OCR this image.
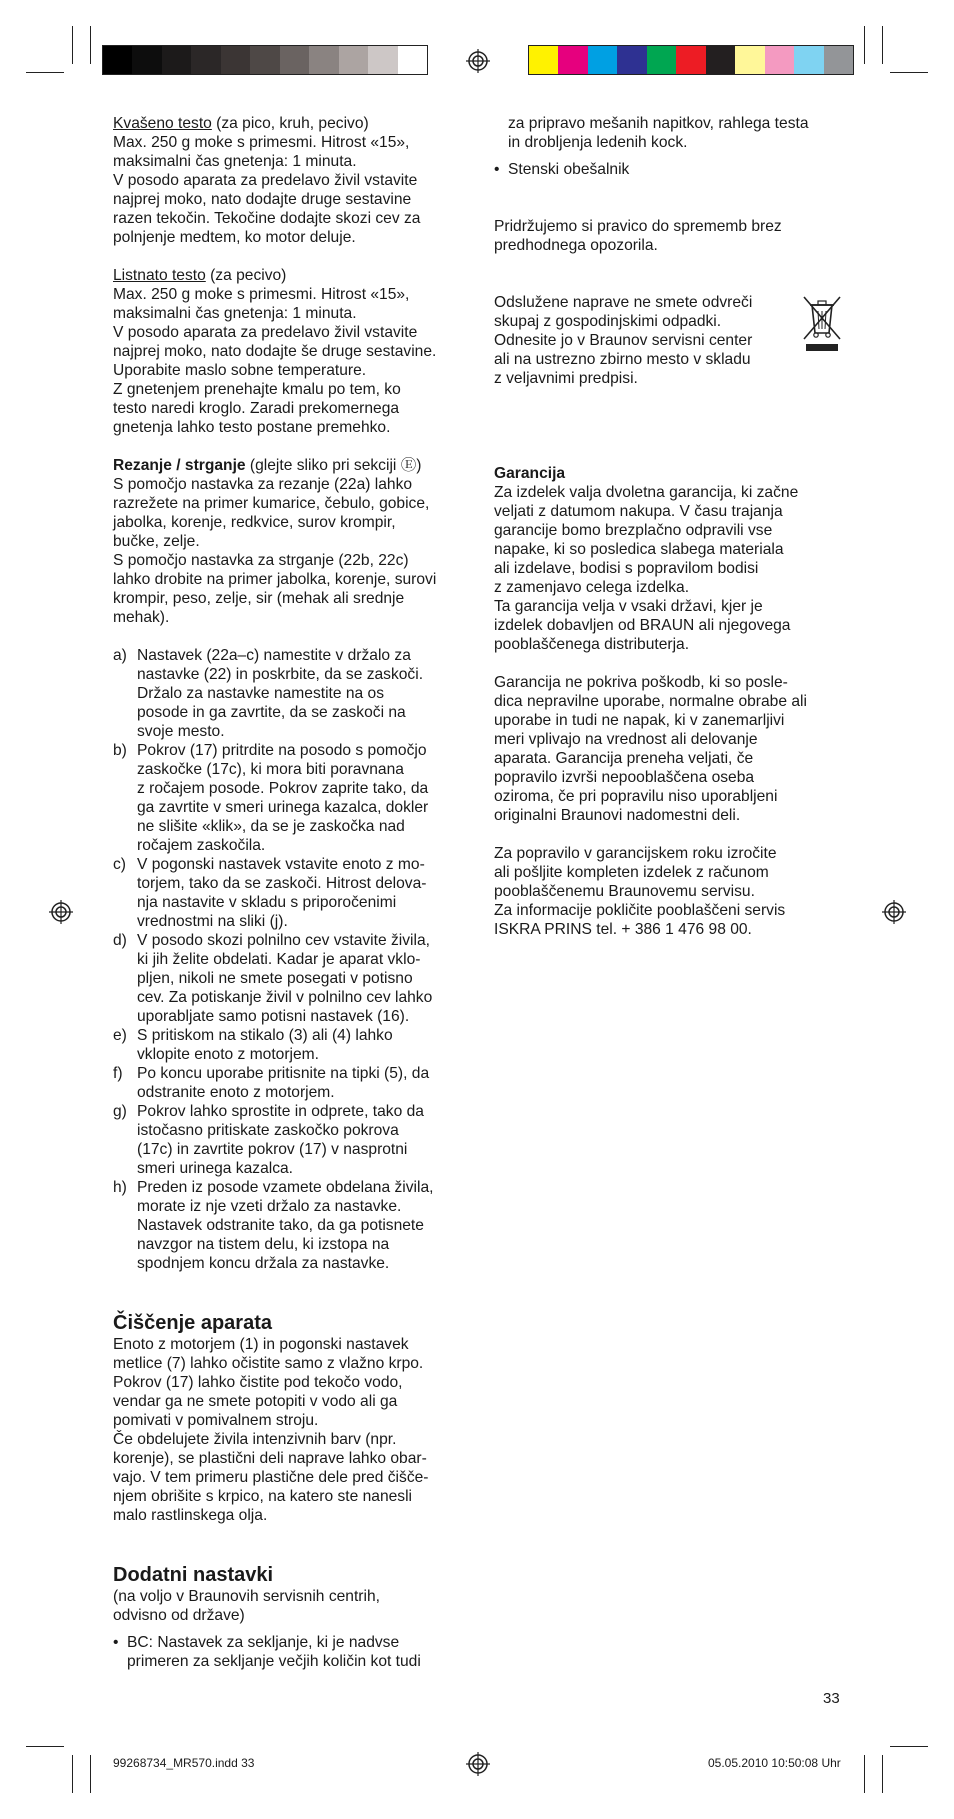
Kvašeno testo (za pico, kruh, pecivo)

Max. 250 g moke s primesmi. Hitrost «15»,

maksimalni čas gnetenja: 1 minuta.

V posodo aparata za predelavo živil vstavite

najprej moko, nato dodajte druge sestavine

razen tekočin. Tekočine dodajte skozi cev za

polnjenje medtem, ko motor deluje.

Listnato testo (za pecivo)

Max. 250 g moke s primesmi. Hitrost «15»,

maksimalni čas gnetenja: 1 minuta.

V posodo aparata za predelavo živil vstavite

najprej moko, nato dodajte še druge sestavine.

Uporabite maslo sobne temperature.

Z gnetenjem prenehajte kmalu po tem, ko

testo naredi kroglo. Zaradi prekomernega

gnetenja lahko testo postane premehko.

Rezanje / strganje (glejte sliko pri sekciji Ⓔ)

S pomočjo nastavka za rezanje (22a) lahko

razrežete na primer kumarice, čebulo, gobice,

jabolka, korenje, redkvice, surov krompir,

bučke, zelje.

S pomočjo nastavka za strganje (22b, 22c)

lahko drobite na primer jabolka, korenje, surovi

krompir, peso, zelje, sir (mehak ali srednje

mehak).

a) Nastavek (22a–c) namestite v držalo za

nastavke (22) in poskrbite, da se zaskoči.

Držalo za nastavke namestite na os

posode in ga zavrtite, da se zaskoči na

svoje mesto.

b) Pokrov (17) pritrdite na posodo s pomočjo

zaskočke (17c), ki mora biti poravnana

z ročajem posode. Pokrov zaprite tako, da

ga zavrtite v smeri urinega kazalca, dokler

ne slišite «klik», da se je zaskočka nad

ročajem zaskočila.

c) V pogonski nastavek vstavite enoto z mo-

torjem, tako da se zaskoči. Hitrost delova-

nja nastavite v skladu s priporočenimi

vrednostmi na sliki (j).

d) V posodo skozi polnilno cev vstavite živila,

ki jih želite obdelati. Kadar je aparat vklo-

pljen, nikoli ne smete posegati v potisno

cev. Za potiskanje živil v polnilno cev lahko

uporabljate samo potisni nastavek (16).

e) S pritiskom na stikalo (3) ali (4) lahko

vklopite enoto z motorjem.

f) Po koncu uporabe pritisnite na tipki (5), da

odstranite enoto z motorjem.

g) Pokrov lahko sprostite in odprete, tako da

istočasno pritiskate zaskočko pokrova

(17c) in zavrtite pokrov (17) v nasprotni

smeri urinega kazalca.

h) Preden iz posode vzamete obdelana živila,

morate iz nje vzeti držalo za nastavke.

Nastavek odstranite tako, da ga potisnete

navzgor na tistem delu, ki izstopa na

spodnjem koncu držala za nastavke.

Čiščenje aparata

Enoto z motorjem (1) in pogonski nastavek

metlice (7) lahko očistite samo z vlažno krpo.

Pokrov (17) lahko čistite pod tekočo vodo,

vendar ga ne smete potopiti v vodo ali ga

pomivati v pomivalnem stroju.

Če obdelujete živila intenzivnih barv (npr.

korenje), se plastični deli naprave lahko obar-

vajo. V tem primeru plastične dele pred čišče-

njem obrišite s krpico, na katero ste nanesli

malo rastlinskega olja.

Dodatni nastavki

(na voljo v Braunovih servisnih centrih,

odvisno od države)

• BC: Nastavek za sekljanje, ki je nadvse

primeren za sekljanje večjih količin kot tudi

za pripravo mešanih napitkov, rahlega testa

in drobljenja ledenih kock.

• Stenski obešalnik

Pridržujemo si pravico do sprememb brez

predhodnega opozorila.

Odslužene naprave ne smete odvreči

skupaj z gospodinjskimi odpadki.

Odnesite jo v Braunov servisni center

ali na ustrezno zbirno mesto v skladu

z veljavnimi predpisi.

Garancija

Za izdelek valja dvoletna garancija, ki začne

veljati z datumom nakupa. V času trajanja

garancije bomo brezplačno odpravili vse

napake, ki so posledica slabega materiala

ali izdelave, bodisi s popravilom bodisi

z zamenjavo celega izdelka.

Ta garancija velja v vsaki državi, kjer je

izdelek dobavljen od BRAUN ali njegovega

pooblaščenega distributerja.

Garancija ne pokriva poškodb, ki so posle-

dica nepravilne uporabe, normalne obrabe ali

uporabe in tudi ne napak, ki v zanemarljivi

meri vplivajo na vrednost ali delovanje

aparata. Garancija preneha veljati, če

popravilo izvrši nepooblaščena oseba

oziroma, če pri popravilu niso uporabljeni

originalni Braunovi nadomestni deli.

Za popravilo v garancijskem roku izročite

ali pošljite kompleten izdelek z računom

pooblaščenemu Braunovemu servisu.

Za informacije pokličite pooblaščeni servis

ISKRA PRINS tel. + 386 1 476 98 00.

33
99268734_MR570.indd 33	05.05.2010 10:50:08 Uhr
